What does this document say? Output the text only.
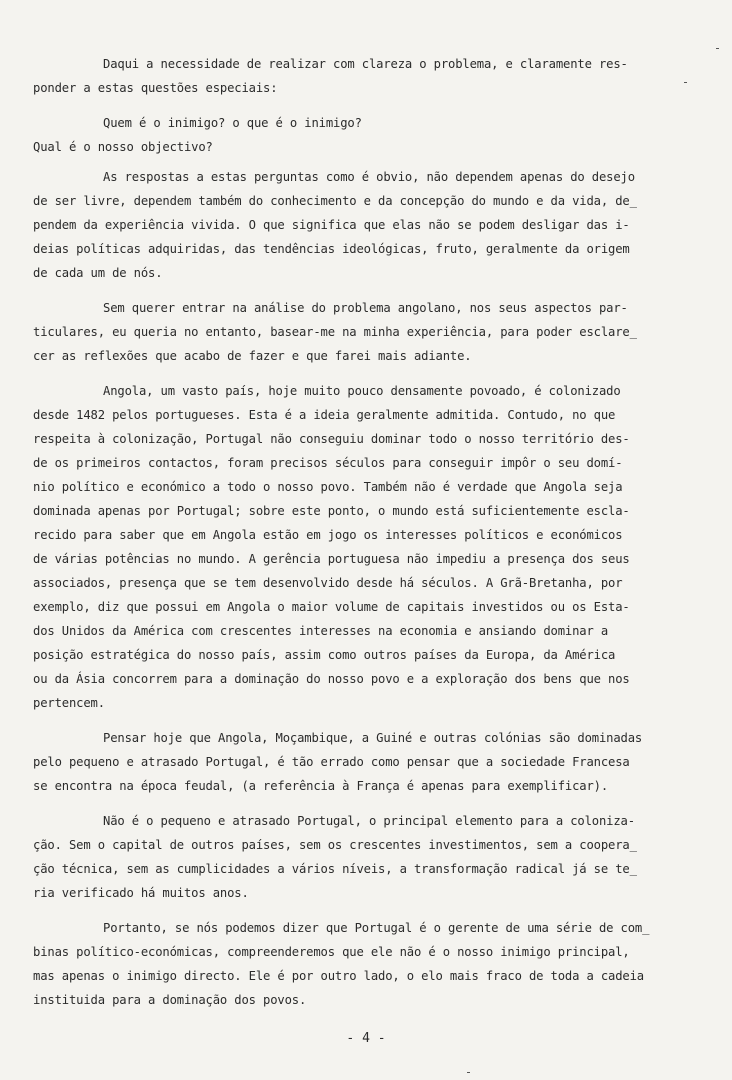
Daqui a necessidade de realizar com clareza o problema, e claramente res-
ponder a estas questões especiais:
Quem é o inimigo? o que é o inimigo?
Qual é o nosso objectivo?
As respostas a estas perguntas como é obvio, não dependem apenas do desejo
de ser livre, dependem também do conhecimento e da concepção do mundo e da vida, de_
pendem da experiência vivida. O que significa que elas não se podem desligar das i-
deias políticas adquiridas, das tendências ideológicas, fruto, geralmente da origem
de cada um de nós.
Sem querer entrar na análise do problema angolano, nos seus aspectos par-
ticulares, eu queria no entanto, basear-me na minha experiência, para poder esclare_
cer as reflexões que acabo de fazer e que farei mais adiante.
Angola, um vasto país, hoje muito pouco densamente povoado, é colonizado
desde 1482 pelos portugueses. Esta é a ideia geralmente admitida. Contudo, no que
respeita à colonização, Portugal não conseguiu dominar todo o nosso território des-
de os primeiros contactos, foram precisos séculos para conseguir impôr o seu domí-
nio político e económico a todo o nosso povo. Também não é verdade que Angola seja
dominada apenas por Portugal; sobre este ponto, o mundo está suficientemente escla-
recido para saber que em Angola estão em jogo os interesses políticos e económicos
de várias potências no mundo. A gerência portuguesa não impediu a presença dos seus
associados, presença que se tem desenvolvido desde há séculos. A Grã-Bretanha, por
exemplo, diz que possui em Angola o maior volume de capitais investidos ou os Esta-
dos Unidos da América com crescentes interesses na economia e ansiando dominar a
posição estratégica do nosso país, assim como outros países da Europa, da América
ou da Ásia concorrem para a dominação do nosso povo e a exploração dos bens que nos
pertencem.
Pensar hoje que Angola, Moçambique, a Guiné e outras colónias são dominadas
pelo pequeno e atrasado Portugal, é tão errado como pensar que a sociedade Francesa
se encontra na época feudal, (a referência à França é apenas para exemplificar).
Não é o pequeno e atrasado Portugal, o principal elemento para a coloniza-
ção. Sem o capital de outros países, sem os crescentes investimentos, sem a coopera_
ção técnica, sem as cumplicidades a vários níveis, a transformação radical já se te_
ria verificado há muitos anos.
Portanto, se nós podemos dizer que Portugal é o gerente de uma série de com_
binas político-económicas, compreenderemos que ele não é o nosso inimigo principal,
mas apenas o inimigo directo. Ele é por outro lado, o elo mais fraco de toda a cadeia
instituida para a dominação dos povos.
- 4 -
